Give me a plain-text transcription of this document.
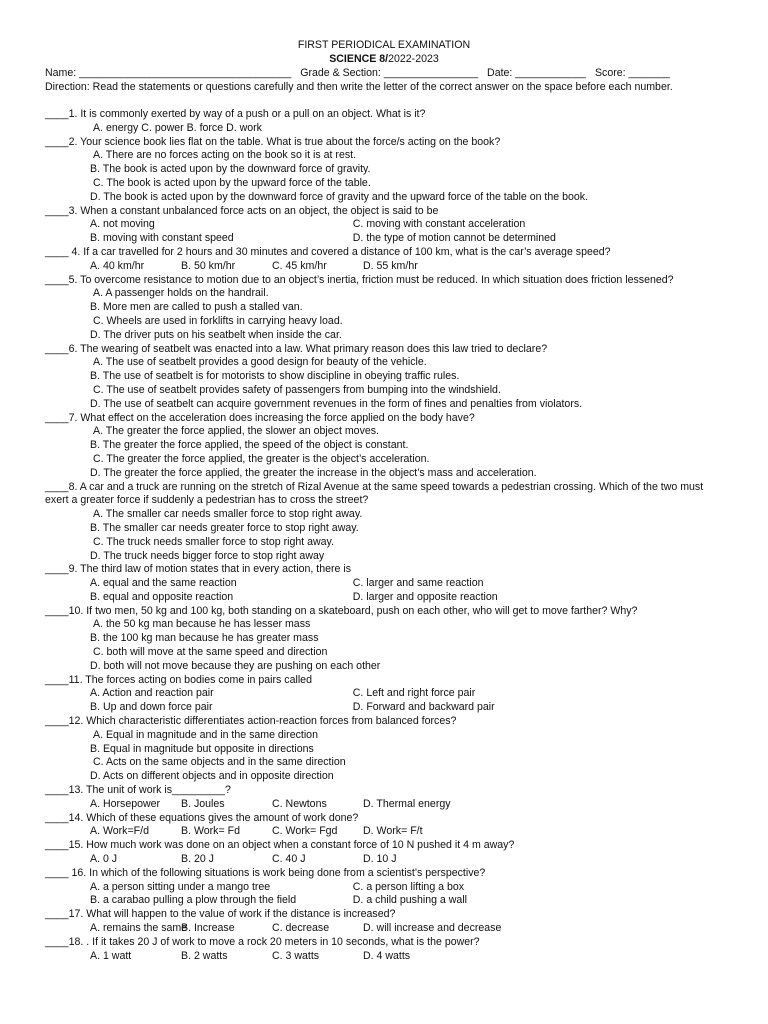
FIRST PERIODICAL EXAMINATION
SCIENCE 8/2022-2023
Name: ____________________________________ Grade & Section: ________________ Date: ____________ Score: _______
Direction: Read the statements or questions carefully and then write the letter of the correct answer on the space before each number.
____1. It is commonly exerted by way of a push or a pull on an object. What is it?
A. energy C. power B. force D. work
____2. Your science book lies flat on the table. What is true about the force/s acting on the book?
A. There are no forces acting on the book so it is at rest.
B. The book is acted upon by the downward force of gravity.
C. The book is acted upon by the upward force of the table.
D. The book is acted upon by the downward force of gravity and the upward force of the table on the book.
____3. When a constant unbalanced force acts on an object, the object is said to be
A. not moving	C. moving with constant acceleration
B. moving with constant speed	D. the type of motion cannot be determined
____ 4. If a car travelled for 2 hours and 30 minutes and covered a distance of 100 km, what is the car’s average speed?
A. 40 km/hr	B. 50 km/hr	C. 45 km/hr	D. 55 km/hr
____5. To overcome resistance to motion due to an object’s inertia, friction must be reduced. In which situation does friction lessened?
A. A passenger holds on the handrail.
B. More men are called to push a stalled van.
C. Wheels are used in forklifts in carrying heavy load.
D. The driver puts on his seatbelt when inside the car.
____6. The wearing of seatbelt was enacted into a law. What primary reason does this law tried to declare?
A. The use of seatbelt provides a good design for beauty of the vehicle.
B. The use of seatbelt is for motorists to show discipline in obeying traffic rules.
C. The use of seatbelt provides safety of passengers from bumping into the windshield.
D. The use of seatbelt can acquire government revenues in the form of fines and penalties from violators.
____7. What effect on the acceleration does increasing the force applied on the body have?
A. The greater the force applied, the slower an object moves.
B. The greater the force applied, the speed of the object is constant.
C. The greater the force applied, the greater is the object’s acceleration.
D. The greater the force applied, the greater the increase in the object’s mass and acceleration.
____8. A car and a truck are running on the stretch of Rizal Avenue at the same speed towards a pedestrian crossing. Which of the two must exert a greater force if suddenly a pedestrian has to cross the street?
A. The smaller car needs smaller force to stop right away.
B. The smaller car needs greater force to stop right away.
C. The truck needs smaller force to stop right away.
D. The truck needs bigger force to stop right away
____9. The third law of motion states that in every action, there is
A. equal and the same reaction	C. larger and same reaction
B. equal and opposite reaction	D. larger and opposite reaction
____10. If two men, 50 kg and 100 kg, both standing on a skateboard, push on each other, who will get to move farther? Why?
A. the 50 kg man because he has lesser mass
B. the 100 kg man because he has greater mass
C. both will move at the same speed and direction
D. both will not move because they are pushing on each other
____11. The forces acting on bodies come in pairs called
A. Action and reaction pair	C. Left and right force pair
B. Up and down force pair	D. Forward and backward pair
____12. Which characteristic differentiates action-reaction forces from balanced forces?
A. Equal in magnitude and in the same direction
B. Equal in magnitude but opposite in directions
C. Acts on the same objects and in the same direction
D. Acts on different objects and in opposite direction
____13. The unit of work is_________?
A. Horsepower	B. Joules	C. Newtons	D. Thermal energy
____14. Which of these equations gives the amount of work done?
A. Work=F/d	B. Work= Fd	C. Work= Fgd	D. Work= F/t
____15. How much work was done on an object when a constant force of 10 N pushed it 4 m away?
A. 0 J	B. 20 J	C. 40 J	D. 10 J
____ 16. In which of the following situations is work being done from a scientist’s perspective?
A. a person sitting under a mango tree	C. a person lifting a box
B. a carabao pulling a plow through the field	D. a child pushing a wall
____17. What will happen to the value of work if the distance is increased?
A. remains the same
B. Increase	C. decrease	D. will increase and decrease
____18. . If it takes 20 J of work to move a rock 20 meters in 10 seconds, what is the power?
A. 1 watt	B. 2 watts	C. 3 watts	D. 4 watts
